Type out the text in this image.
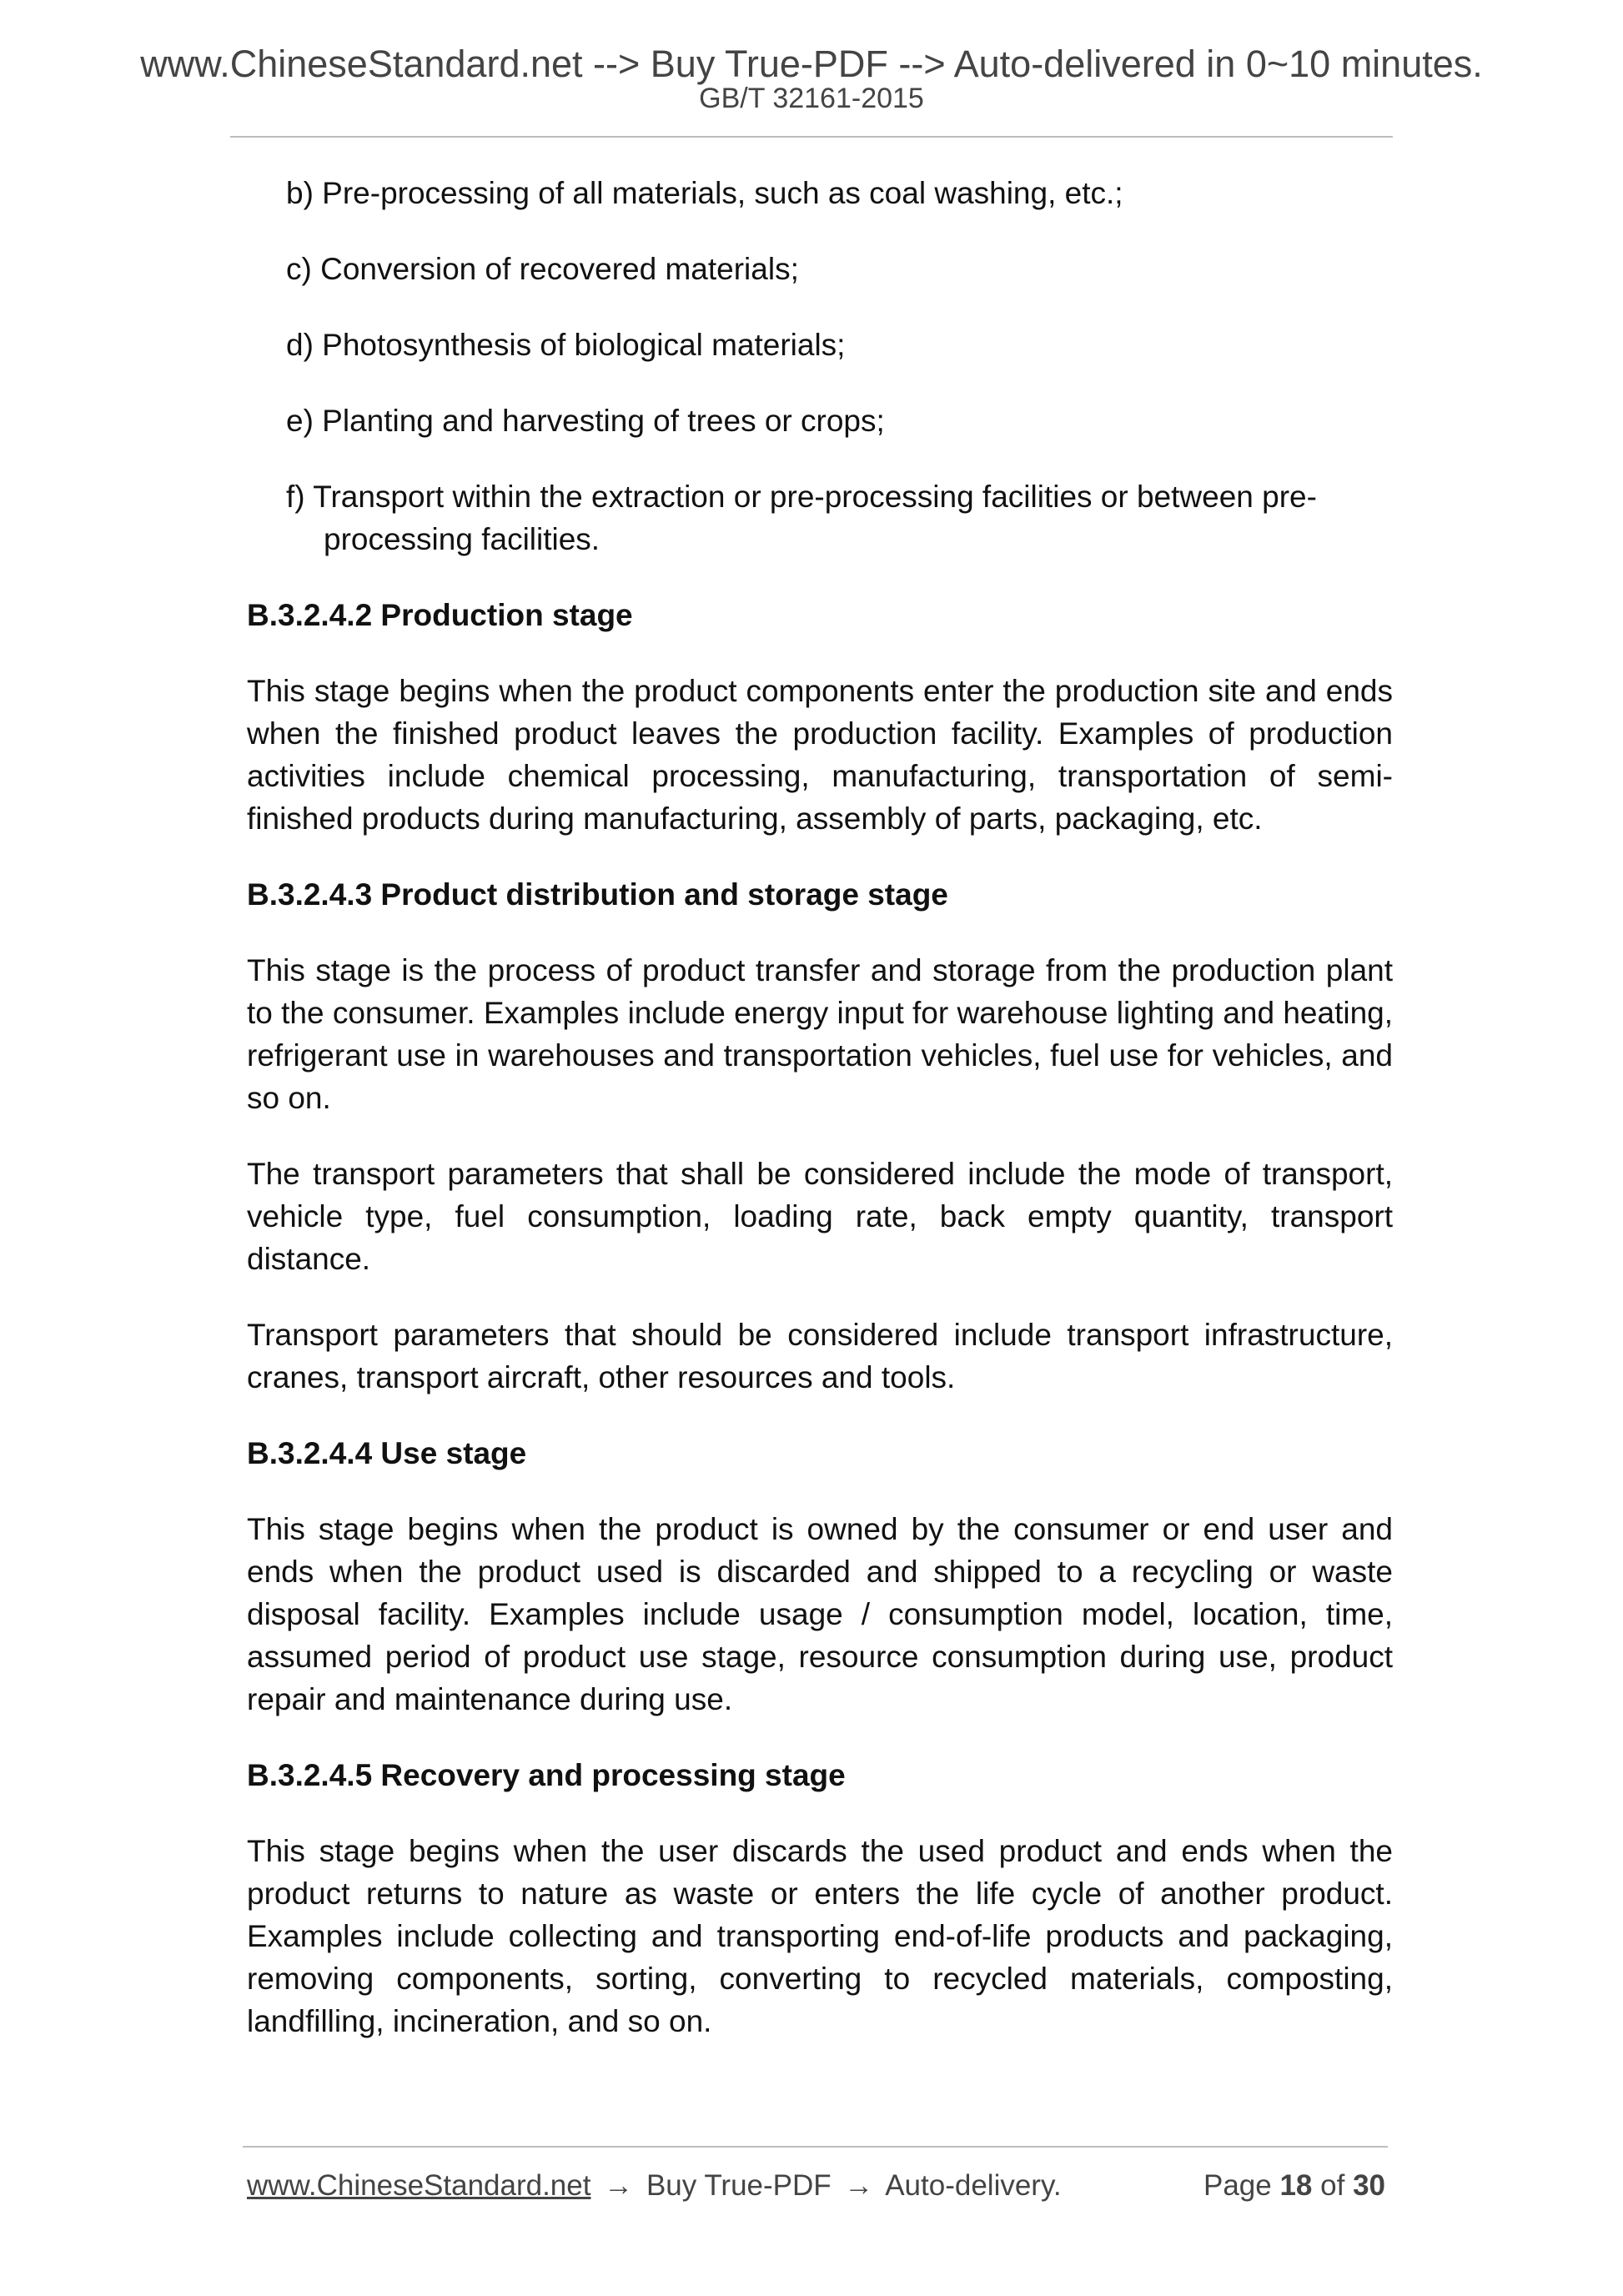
www.ChineseStandard.net --> Buy True-PDF --> Auto-delivered in 0~10 minutes.
GB/T 32161-2015
b) Pre-processing of all materials, such as coal washing, etc.;
c) Conversion of recovered materials;
d) Photosynthesis of biological materials;
e) Planting and harvesting of trees or crops;
f) Transport within the extraction or pre-processing facilities or between pre-processing facilities.
B.3.2.4.2 Production stage
This stage begins when the product components enter the production site and ends when the finished product leaves the production facility. Examples of production activities include chemical processing, manufacturing, transportation of semi-finished products during manufacturing, assembly of parts, packaging, etc.
B.3.2.4.3 Product distribution and storage stage
This stage is the process of product transfer and storage from the production plant to the consumer. Examples include energy input for warehouse lighting and heating, refrigerant use in warehouses and transportation vehicles, fuel use for vehicles, and so on.
The transport parameters that shall be considered include the mode of transport, vehicle type, fuel consumption, loading rate, back empty quantity, transport distance.
Transport parameters that should be considered include transport infrastructure, cranes, transport aircraft, other resources and tools.
B.3.2.4.4 Use stage
This stage begins when the product is owned by the consumer or end user and ends when the product used is discarded and shipped to a recycling or waste disposal facility. Examples include usage / consumption model, location, time, assumed period of product use stage, resource consumption during use, product repair and maintenance during use.
B.3.2.4.5 Recovery and processing stage
This stage begins when the user discards the used product and ends when the product returns to nature as waste or enters the life cycle of another product. Examples include collecting and transporting end-of-life products and packaging, removing components, sorting, converting to recycled materials, composting, landfilling, incineration, and so on.
www.ChineseStandard.net → Buy True-PDF → Auto-delivery.	Page 18 of 30
